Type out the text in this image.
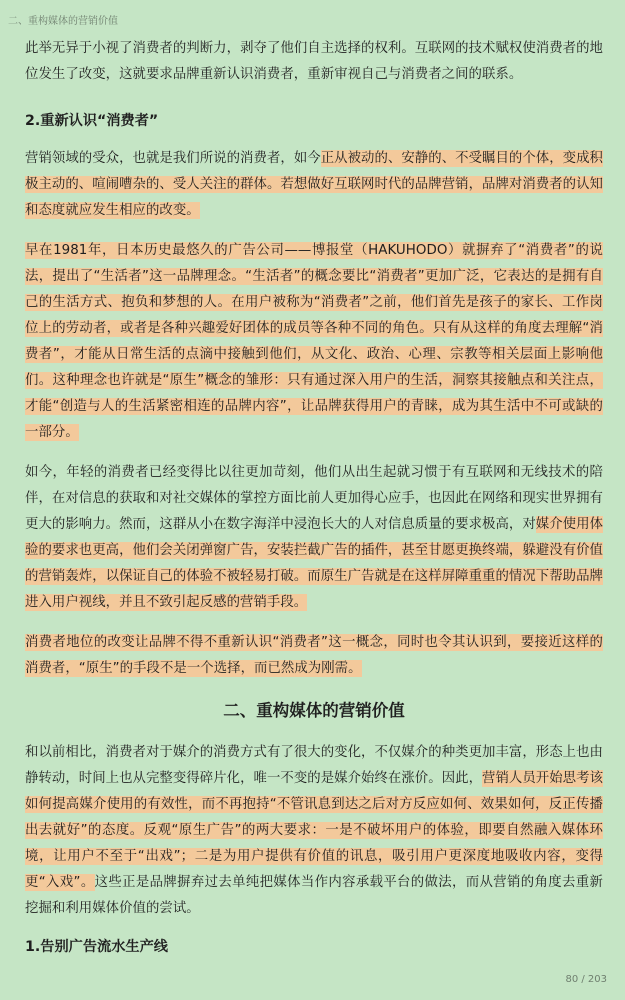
二、重构媒体的营销价值

此举无异于小视了消费者的判断力，剥夺了他们自主选择的权利。互联网的技术赋权使消费者的地位发生了改变，这就要求品牌重新认识消费者，重新审视自己与消费者之间的联系。

2.重新认识“消费者”

营销领域的受众，也就是我们所说的消费者，如今正从被动的、安静的、不受瞩目的个体，变成积极主动的、喧闹嘈杂的、受人关注的群体。若想做好互联网时代的品牌营销，品牌对消费者的认知和态度就应发生相应的改变。

早在1981年，日本历史最悠久的广告公司——博报堂（HAKUHODO）就摒弃了“消费者”的说法，提出了“生活者”这一品牌理念。“生活者”的概念要比“消费者”更加广泛，它表达的是拥有自己的生活方式、抱负和梦想的人。在用户被称为“消费者”之前，他们首先是孩子的家长、工作岗位上的劳动者，或者是各种兴趣爱好团体的成员等各种不同的角色。只有从这样的角度去理解“消费者”，才能从日常生活的点滴中接触到他们，从文化、政治、心理、宗教等相关层面上影响他们。这种理念也许就是“原生”概念的雏形：只有通过深入用户的生活，洞察其接触点和关注点，才能“创造与人的生活紧密相连的品牌内容”，让品牌获得用户的青睐，成为其生活中不可或缺的一部分。

如今，年轻的消费者已经变得比以往更加苛刻，他们从出生起就习惯于有互联网和无线技术的陪伴，在对信息的获取和对社交媒体的掌控方面比前人更加得心应手，也因此在网络和现实世界拥有更大的影响力。然而，这群从小在数字海洋中浸泡长大的人对信息质量的要求极高，对媒介使用体验的要求也更高，他们会关闭弹窗广告，安装拦截广告的插件，甚至甘愿更换终端，躲避没有价值的营销轰炸，以保证自己的体验不被轻易打破。而原生广告就是在这样屏障重重的情况下帮助品牌进入用户视线，并且不致引起反感的营销手段。

消费者地位的改变让品牌不得不重新认识“消费者”这一概念，同时也令其认识到，要接近这样的消费者，“原生”的手段不是一个选择，而已然成为刚需。

二、重构媒体的营销价值

和以前相比，消费者对于媒介的消费方式有了很大的变化，不仅媒介的种类更加丰富，形态上也由静转动，时间上也从完整变得碎片化，唯一不变的是媒介始终在涨价。因此，营销人员开始思考该如何提高媒介使用的有效性，而不再抱持“不管讯息到达之后对方反应如何、效果如何，反正传播出去就好”的态度。反观“原生广告”的两大要求：一是不破坏用户的体验，即要自然融入媒体环境，让用户不至于“出戏”；二是为用户提供有价值的讯息，吸引用户更深度地吸收内容，变得更“入戏”。这些正是品牌摒弃过去单纯把媒体当作内容承载平台的做法，而从营销的角度去重新挖掘和利用媒体价值的尝试。

1.告别广告流水生产线
80 / 203
